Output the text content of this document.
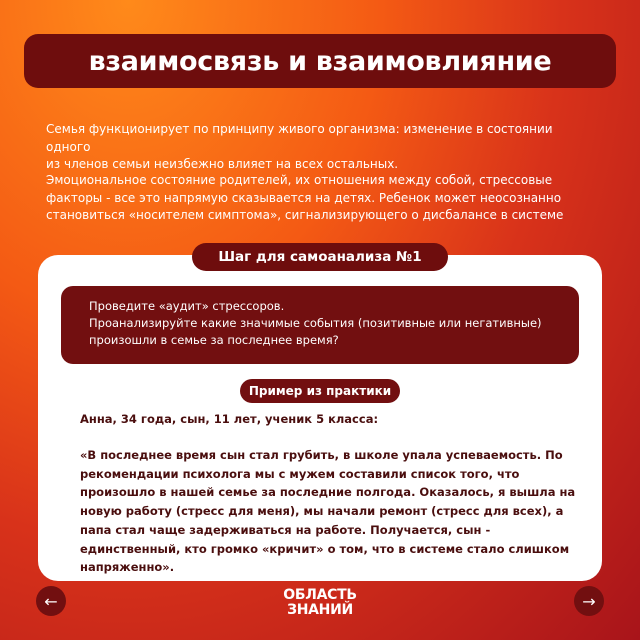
взаимосвязь и взаимовлияние
Семья функционирует по принципу живого организма: изменение в состоянии одного
из членов семьи неизбежно влияет на всех остальных.
Эмоциональное состояние родителей, их отношения между собой, стрессовые
факторы - все это напрямую сказывается на детях. Ребенок может неосознанно
становиться «носителем симптома», сигнализирующего о дисбалансе в системе
Шаг для самоанализа №1
Проведите «аудит» стрессоров.
Проанализируйте какие значимые события (позитивные или негативные)
произошли в семье за последнее время?
Пример из практики
Анна, 34 года, сын, 11 лет, ученик 5 класса:
«В последнее время сын стал грубить, в школе упала успеваемость. По
рекомендации психолога мы с мужем составили список того, что
произошло в нашей семье за последние полгода. Оказалось, я вышла на
новую работу (стресс для меня), мы начали ремонт (стресс для всех), а
папа стал чаще задерживаться на работе. Получается, сын -
единственный, кто громко «кричит» о том, что в системе стало слишком
напряженно».
←	ОБЛАСТЬ
ЗНАНИЙ	→
